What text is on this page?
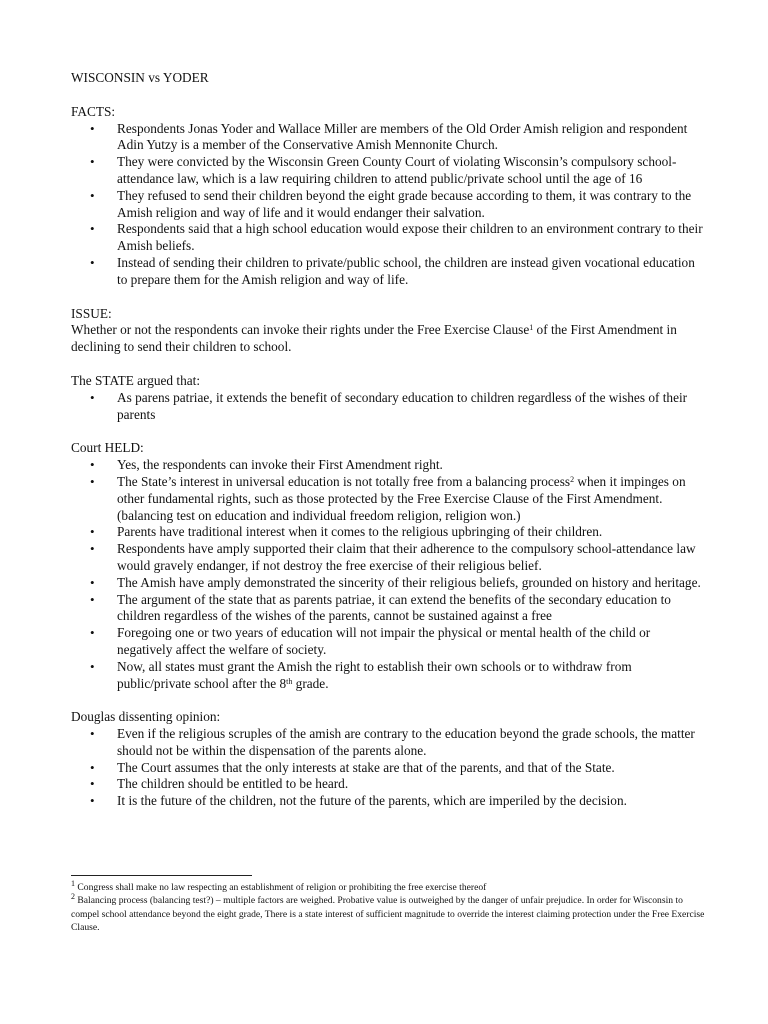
WISCONSIN vs YODER

FACTS:

• Respondents Jonas Yoder and Wallace Miller are members of the Old Order Amish religion and respondent Adin Yutzy is a member of the Conservative Amish Mennonite Church.
• They were convicted by the Wisconsin Green County Court of violating Wisconsin’s compulsory school-attendance law, which is a law requiring children to attend public/private school until the age of 16
• They refused to send their children beyond the eight grade because according to them, it was contrary to the Amish religion and way of life and it would endanger their salvation.
• Respondents said that a high school education would expose their children to an environment contrary to their Amish beliefs.
• Instead of sending their children to private/public school, the children are instead given vocational education to prepare them for the Amish religion and way of life.

ISSUE:

Whether or not the respondents can invoke their rights under the Free Exercise Clause$^1$ of the First Amendment in declining to send their children to school.

The STATE argued that:

• As parens patriae, it extends the benefit of secondary education to children regardless of the wishes of their parents

Court HELD:

• Yes, the respondents can invoke their First Amendment right.
• The State’s interest in universal education is not totally free from a balancing process$^2$ when it impinges on other fundamental rights, such as those protected by the Free Exercise Clause of the First Amendment. (balancing test on education and individual freedom religion, religion won.)
• Parents have traditional interest when it comes to the religious upbringing of their children.
• Respondents have amply supported their claim that their adherence to the compulsory school-attendance law would gravely endanger, if not destroy the free exercise of their religious belief.
• The Amish have amply demonstrated the sincerity of their religious beliefs, grounded on history and heritage.
• The argument of the state that as parents patriae, it can extend the benefits of the secondary education to children regardless of the wishes of the parents, cannot be sustained against a free
• Foregoing one or two years of education will not impair the physical or mental health of the child or negatively affect the welfare of society.
• Now, all states must grant the Amish the right to establish their own schools or to withdraw from public/private school after the 8th grade.

Douglas dissenting opinion:

• Even if the religious scruples of the amish are contrary to the education beyond the grade schools, the matter should not be within the dispensation of the parents alone.
• The Court assumes that the only interests at stake are that of the parents, and that of the State.
• The children should be entitled to be heard.
• It is the future of the children, not the future of the parents, which are imperiled by the decision.

$^1$ Congress shall make no law respecting an establishment of religion or prohibiting the free exercise thereof

$^2$ Balancing process (balancing test?) – multiple factors are weighed. Probative value is outweighed by the danger of unfair prejudice. In order for Wisconsin to compel school attendance beyond the eight grade, There is a state interest of sufficient magnitude to override the interest claiming protection under the Free Exercise Clause.
